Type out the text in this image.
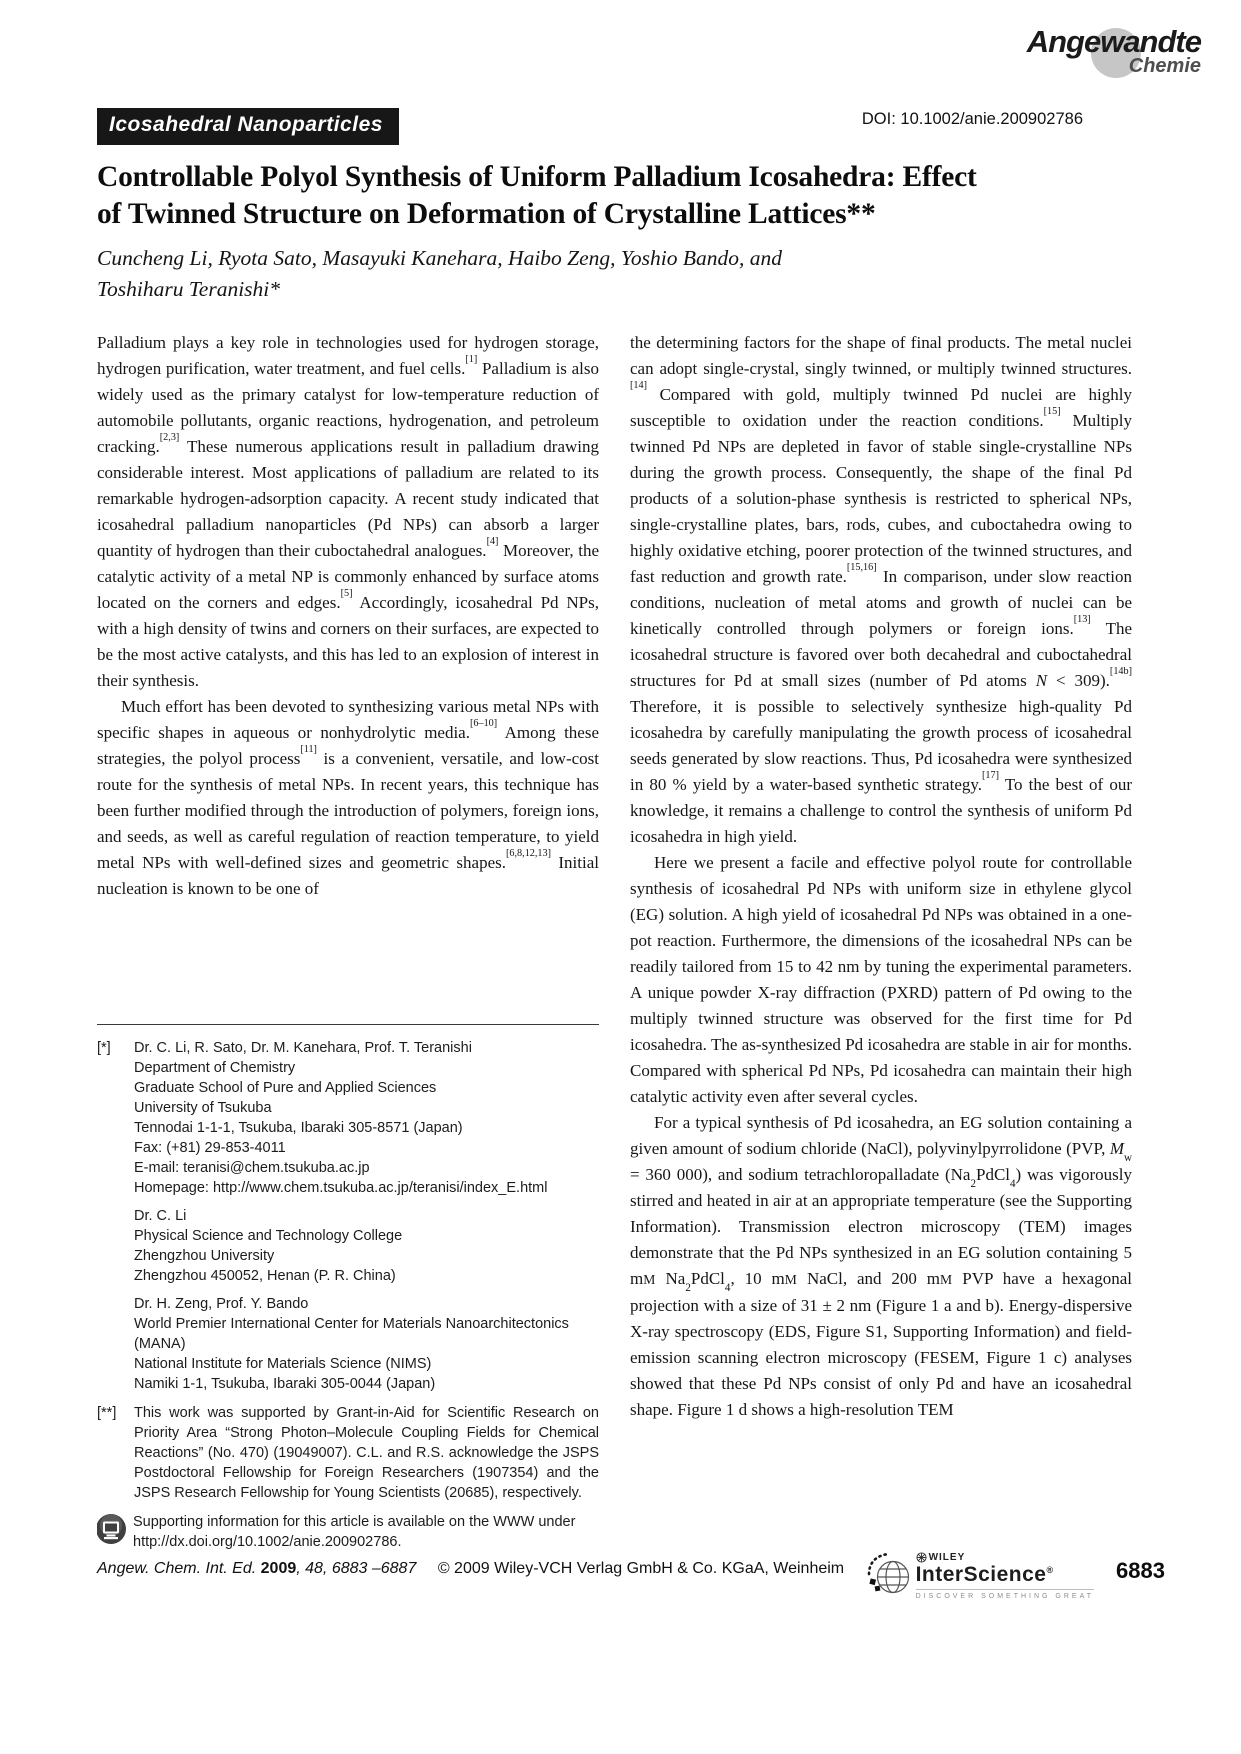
Angewandte
Chemie
DOI: 10.1002/anie.200902786
Icosahedral Nanoparticles
Controllable Polyol Synthesis of Uniform Palladium Icosahedra: Effect
of Twinned Structure on Deformation of Crystalline Lattices**
Cuncheng Li, Ryota Sato, Masayuki Kanehara, Haibo Zeng, Yoshio Bando, and
Toshiharu Teranishi*

Palladium plays a key role in technologies used for hydrogen storage, hydrogen purification, water treatment, and fuel cells.[1] Palladium is also widely used as the primary catalyst for low-temperature reduction of automobile pollutants, organic reactions, hydrogenation, and petroleum cracking.[2,3] These numerous applications result in palladium drawing considerable interest. Most applications of palladium are related to its remarkable hydrogen-adsorption capacity. A recent study indicated that icosahedral palladium nanoparticles (Pd NPs) can absorb a larger quantity of hydrogen than their cuboctahedral analogues.[4] Moreover, the catalytic activity of a metal NP is commonly enhanced by surface atoms located on the corners and edges.[5] Accordingly, icosahedral Pd NPs, with a high density of twins and corners on their surfaces, are expected to be the most active catalysts, and this has led to an explosion of interest in their synthesis.

Much effort has been devoted to synthesizing various metal NPs with specific shapes in aqueous or nonhydrolytic media.[6–10] Among these strategies, the polyol process[11] is a convenient, versatile, and low-cost route for the synthesis of metal NPs. In recent years, this technique has been further modified through the introduction of polymers, foreign ions, and seeds, as well as careful regulation of reaction temperature, to yield metal NPs with well-defined sizes and geometric shapes.[6,8,12,13] Initial nucleation is known to be one of

[*]	Dr. C. Li, R. Sato, Dr. M. Kanehara, Prof. T. Teranishi
Department of Chemistry
Graduate School of Pure and Applied Sciences
University of Tsukuba
Tennodai 1-1-1, Tsukuba, Ibaraki 305-8571 (Japan)
Fax: (+81) 29-853-4011
E-mail: teranisi@chem.tsukuba.ac.jp
Homepage: http://www.chem.tsukuba.ac.jp/teranisi/index_E.html
Dr. C. Li
Physical Science and Technology College
Zhengzhou University
Zhengzhou 450052, Henan (P. R. China)
Dr. H. Zeng, Prof. Y. Bando
World Premier International Center for Materials Nanoarchitectonics (MANA)
National Institute for Materials Science (NIMS)
Namiki 1-1, Tsukuba, Ibaraki 305-0044 (Japan)
[**]	This work was supported by Grant-in-Aid for Scientific Research on Priority Area “Strong Photon–Molecule Coupling Fields for Chemical Reactions” (No. 470) (19049007). C.L. and R.S. acknowledge the JSPS Postdoctoral Fellowship for Foreign Researchers (1907354) and the JSPS Research Fellowship for Young Scientists (20685), respectively.
Supporting information for this article is available on the WWW under http://dx.doi.org/10.1002/anie.200902786.

the determining factors for the shape of final products. The metal nuclei can adopt single-crystal, singly twinned, or multiply twinned structures.[14] Compared with gold, multiply twinned Pd nuclei are highly susceptible to oxidation under the reaction conditions.[15] Multiply twinned Pd NPs are depleted in favor of stable single-crystalline NPs during the growth process. Consequently, the shape of the final Pd products of a solution-phase synthesis is restricted to spherical NPs, single-crystalline plates, bars, rods, cubes, and cuboctahedra owing to highly oxidative etching, poorer protection of the twinned structures, and fast reduction and growth rate.[15,16] In comparison, under slow reaction conditions, nucleation of metal atoms and growth of nuclei can be kinetically controlled through polymers or foreign ions.[13] The icosahedral structure is favored over both decahedral and cuboctahedral structures for Pd at small sizes (number of Pd atoms N < 309).[14b] Therefore, it is possible to selectively synthesize high-quality Pd icosahedra by carefully manipulating the growth process of icosahedral seeds generated by slow reactions. Thus, Pd icosahedra were synthesized in 80 % yield by a water-based synthetic strategy.[17] To the best of our knowledge, it remains a challenge to control the synthesis of uniform Pd icosahedra in high yield.

Here we present a facile and effective polyol route for controllable synthesis of icosahedral Pd NPs with uniform size in ethylene glycol (EG) solution. A high yield of icosahedral Pd NPs was obtained in a one-pot reaction. Furthermore, the dimensions of the icosahedral NPs can be readily tailored from 15 to 42 nm by tuning the experimental parameters. A unique powder X-ray diffraction (PXRD) pattern of Pd owing to the multiply twinned structure was observed for the first time for Pd icosahedra. The as-synthesized Pd icosahedra are stable in air for months. Compared with spherical Pd NPs, Pd icosahedra can maintain their high catalytic activity even after several cycles.

For a typical synthesis of Pd icosahedra, an EG solution containing a given amount of sodium chloride (NaCl), polyvinylpyrrolidone (PVP, $M_w = 360$ 000), and sodium tetrachloropalladate $(Na_2PdCl_4)$ was vigorously stirred and heated in air at an appropriate temperature (see the Supporting Information). Transmission electron microscopy (TEM) images demonstrate that the Pd NPs synthesized in an EG solution containing 5 mM $Na_2PdCl_4$, 10 mM NaCl, and 200 mM PVP have a hexagonal projection with a size of 31 ± 2 nm (Figure 1 a and b). Energy-dispersive X-ray spectroscopy (EDS, Figure S1, Supporting Information) and field-emission scanning electron microscopy (FESEM, Figure 1 c) analyses showed that these Pd NPs consist of only Pd and have an icosahedral shape. Figure 1 d shows a high-resolution TEM

Angew. Chem. Int. Ed. 2009, 48, 6883 –6887 © 2009 Wiley-VCH Verlag GmbH & Co. KGaA, Weinheim
WILEY
InterScience®
DISCOVER SOMETHING GREAT
6883
